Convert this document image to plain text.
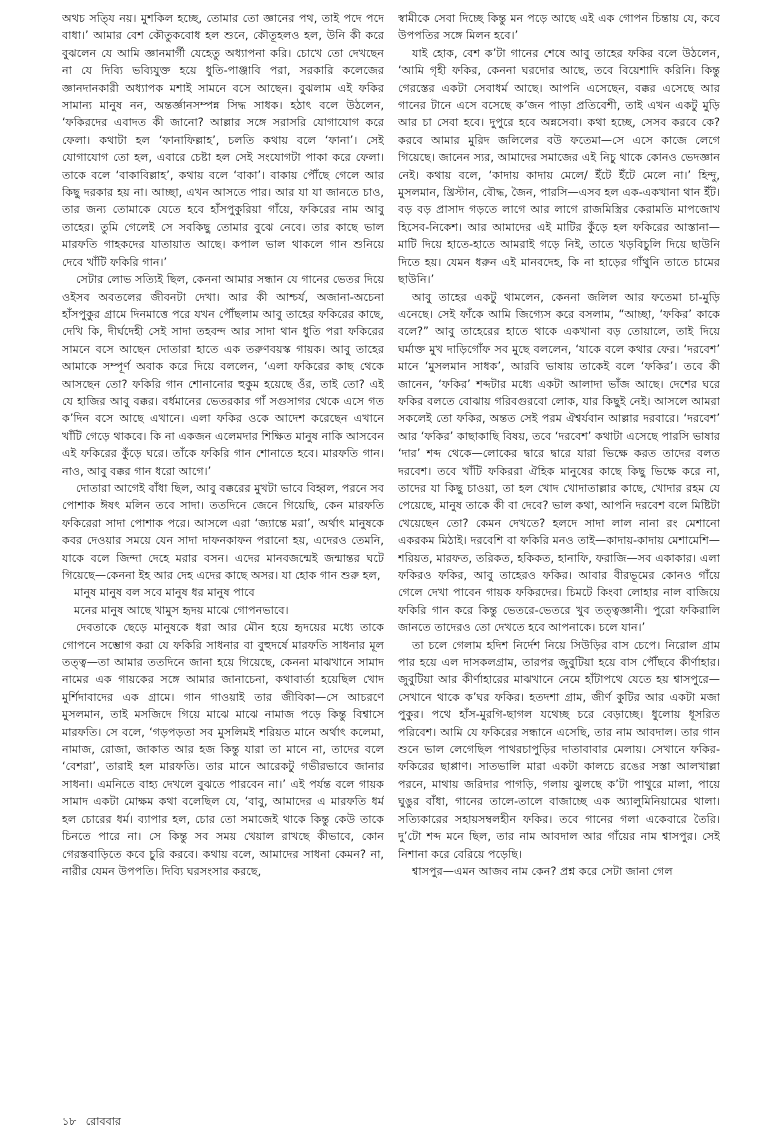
অথচ সতি্য নয়। মুশকিল হচ্ছে, তোমার তো জ্ঞানের পথ, তাই পদে পদে বাধা।’ আমার বেশ কৌতুকবোধ হল শুনে, কৌতূহলও হল, উনি কী করে বুঝলেন যে আমি জ্ঞানমার্গী যেহেতু অধ্যাপনা করি। চোখে তো দেখছেন না যে দিব্যি ভব্যিযুক্ত হয়ে ধুতি-পাঞ্জাবি পরা, সরকারি কলেজের জ্ঞানদানকারী অধ্যাপক মশাই সামনে বসে আছেন। বুঝলাম এই ফকির সামান্য মানুষ নন, অন্তর্জ্ঞানসম্পন্ন সিদ্ধ সাধক। হঠাৎ বলে উঠলেন, ‘ফকিরদের এবাদত কী জানো? আল্লার সঙ্গে সরাসরি যোগাযোগ করে ফেলা। কথাটা হল ‘ফানাফিল্লাহ’, চলতি কথায় বলে ‘ফানা’। সেই যোগাযোগ তো হল, এবারে চেষ্টা হল সেই সংযোগটা পাকা করে ফেলা। তাকে বলে ‘বাকাবিল্লাহ’, কথায় বলে ‘বাকা’। বাকায় পৌঁছে গেলে আর কিছু দরকার হয় না। আচ্ছা, এখন আসতে পার। আর যা যা জানতে চাও, তার জন্য তোমাকে যেতে হবে হাঁসপুকুরিয়া গাঁয়ে, ফকিরের নাম আবু তাহের। তুমি গেলেই সে সবকিছু তোমার বুঝে নেবে। তার কাছে ভাল মারফতি গাহকদের যাতায়াত আছে। কপাল ভাল থাকলে গান শুনিয়ে দেবে খাঁটি ফকিরি গান।’

সেটার লোভ সত্যিই ছিল, কেননা আমার সন্ধান যে গানের ভেতর দিয়ে ওইসব অবতলের জীবনটা দেখা। আর কী আশ্চর্য, অজানা-অচেনা হাঁসপুকুর গ্রামে দিনমাত্তে পরে যখন পৌঁছলাম আবু তাহের ফকিরের কাছে, দেখি কি, দীর্ঘদেহী সেই সাদা তহবন্দ আর সাদা থান ধুতি পরা ফকিরের সামনে বসে আছেন দোতারা হাতে এক তরুণবয়স্ক গায়ক। আবু তাহের আমাকে সম্পূর্ণ অবাক করে দিয়ে বললেন, ‘এলা ফকিরের কাছ থেকে আসছেন তো? ফকিরি গান শোনানোর হুকুম হয়েছে ওঁর, তাই তো? এই যে হাজির আবু বক্কর। বর্ধমানের ভেতরকার গাঁ সগুসাগর থেকে এসে গত ক’দিন বসে আছে এখানে। এলা ফকির ওকে আদেশ করেছেন এখানে খাঁটি গেড়ে থাকবে। কি না একজন এলেমদার শিক্ষিত মানুষ নাকি আসবেন এই ফকিরের কুঁড়ে ঘরে। তাঁকে ফকিরি গান শোনাতে হবে। মারফতি গান। নাও, আবু বক্কর গান ধরো আগে।’

দোতারা আগেই বাঁধা ছিল, আবু বক্করের মুখটা ভাবে বিহ্বল, পরনে সব পোশাক ঈষৎ মলিন তবে সাদা। ততদিনে জেনে গিয়েছি, কেন মারফতি ফকিরেরা সাদা পোশাক পরে। আসলে এরা ‘জ্যান্তে মরা’, অর্থাৎ মানুষকে কবর দেওয়ার সময়ে যেন সাদা দাফনকাফন পরানো হয়, এদেরও তেমনি, যাকে বলে জিন্দা দেহে মরার বসন। এদের মানবজন্মেই জন্মান্তর ঘটে গিয়েছে—কেননা ইহ আর দেহ এদের কাছে অসর। যা হোক গান শুরু হল,

মানুষ মানুষ বল সবে মানুষ ধর মানুষ পাবে

মনের মানুষ আছে খামুস হৃদয় মাঝে গোপনভাবে।

দেবতাকে ছেড়ে মানুষকে ধরা আর মৌন হয়ে হৃদয়ের মধ্যে তাকে গোপনে সম্ভোগ করা যে ফকিরি সাধনার বা বুহুদর্ষে মারফতি সাধনার মূল তত্ত্ব—তা আমার ততদিনে জানা হয়ে গিয়েছে, কেননা মাঝখানে সামাদ নামের এক গায়কের সঙ্গে আমার জানাচেনা, কথাবার্তা হয়েছিল খোদ মুর্শিদাবাদের এক গ্রামে। গান গাওয়াই তার জীবিকা—সে আচরণে মুসলমান, তাই মসজিদে গিয়ে মাঝে মাঝে নামাজ পড়ে কিন্তু বিশ্বাসে মারফতি। সে বলে, ‘গড়পড়তা সব মুসলিমই শরিয়ত মানে অর্থাৎ কলেমা, নামাজ, রোজা, জাকাত আর হজ কিন্তু যারা তা মানে না, তাদের বলে ‘বেশরা’, তারাই হল মারফতি। তার মানে আরেকটু গভীরভাবে জানার সাধনা। এমনিতে বাহ্য দেখলে বুঝতে পারবেন না।’ এই পর্যন্ত বলে গায়ক সামাদ একটা মোক্ষম কথা বলেছিল যে, ‘বাবু, আমাদের এ মারফতি ধর্ম হল চোরের ধর্ম। ব্যাপার হল, চোর তো সমাজেই থাকে কিন্তু কেউ তাকে চিনতে পারে না। সে কিন্তু সব সময় খেয়াল রাখছে কীভাবে, কোন গেরস্তবাড়িতে কবে চুরি করবে। কথায় বলে, আমাদের সাধনা কেমন? না, নারীর যেমন উপপতি। দিব্যি ঘরসংসার করছে,

স্বামীকে সেবা দিচ্ছে কিন্তু মন পড়ে আছে এই এক গোপন চিন্তায় যে, কবে উপপতির সঙ্গে মিলন হবে।’

যাই হোক, বেশ ক’টা গানের শেষে আবু তাহের ফকির বলে উঠলেন, ‘আমি গৃহী ফকির, কেননা ঘরদোর আছে, তবে বিয়েশাদি করিনি। কিন্তু গেরস্তের একটা সেবাধর্ম আছে। আপনি এসেছেন, বক্কর এসেছে আর গানের টানে এসে বসেছে ক’জন পাড়া প্রতিবেশী, তাই এখন একটু মুড়ি আর চা সেবা হবে। দুপুরে হবে অন্নসেবা। কথা হচ্ছে, সেসব করবে কে? করবে আমার মুরিদ জলিলের বউ ফতেমা—সে এসে কাজে লেগে গিয়েছে। জানেন স্যর, আমাদের সমাজের এই নিচু থাকে কোনও ভেদজ্ঞান নেই। কথায় বলে, ‘কাদায় কাদায় মেলে/ ইঁটে ইঁটে মেলে না।’ হিন্দু, মুসলমান, খ্রিস্টান, বৌদ্ধ, জৈন, পারসি—এসব হল এক-একখানা থান ইঁট। বড় বড় প্রাসাদ গড়তে লাগে আর লাগে রাজমিস্ত্রির কেরামতি মাপজোখ হিসেব-নিকেশ। আর আমাদের এই মাটির কুঁড়ে হল ফকিরের আস্তানা—মাটি দিয়ে হাতে-হাতে আমরাই গড়ে নিই, তাতে খড়বিচুলি দিয়ে ছাউনি দিতে হয়। যেমন ধরুন এই মানবদেহ, কি না হাড়ের গাঁথুনি তাতে চামের ছাউনি।’

আবু তাহের একটু থামলেন, কেননা জলিল আর ফতেমা চা-মুড়ি এনেছে। সেই ফাঁকে আমি জিগ্যেস করে বসলাম, “আচ্ছা, ‘ফকির’ কাকে বলে?” আবু তাহেরের হাতে থাকে একখানা বড় তোয়ালে, তাই দিয়ে ঘর্মাক্ত মুখ দাড়িগোঁফ সব মুছে বললেন, ‘যাকে বলে কথার ফের। ‘দরবেশ’ মানে ‘মুসলমান সাধক’, আরবি ভাষায় তাকেই বলে ‘ফকির’। তবে কী জানেন, ‘ফকির’ শব্দটার মধ্যে একটা আলাদা ভাঁজ আছে। দেশের ঘরে ফকির বলতে বোঝায় গরিবগুরবো লোক, যার কিছুই নেই। আসলে আমরা সকলেই তো ফকির, অন্তত সেই পরম ঐশ্বর্যবান আল্লার দরবারে। ‘দরবেশ’ আর ‘ফকির’ কাছাকাছি বিষয়, তবে ‘দরবেশ’ কথাটা এসেছে পারসি ভাষার ‘দার’ শব্দ থেকে—লোকের দ্বারে দ্বারে যারা ভিক্ষে করত তাদের বলত দরবেশ। তবে খাঁটি ফকিররা ঐহিক মানুষের কাছে কিছু ভিক্ষে করে না, তাদের যা কিছু চাওয়া, তা হল খোদ খোদাতাল্লার কাছে, খোদার রহম যে পেয়েছে, মানুষ তাকে কী বা দেবে? ভাল কথা, আপনি দরবেশ বলে মিষ্টিটা খেয়েছেন তো? কেমন দেখতে? হলদে সাদা লাল নানা রং মেশানো একরকম মিঠাই। দরবেশি বা ফকিরি মনও তাই—কাদায়-কাদায় মেশামেশি—শরিয়ত, মারফত, তরিকত, হকিকত, হানাফি, ফরাজি—সব একাকার। এলা ফকিরও ফকির, আবু তাহেরও ফকির। আবার বীরভূমের কোনও গাঁয়ে গেলে দেখা পাবেন গায়ক ফকিরদের। চিমটে কিংবা লোহার নাল বাজিয়ে ফকিরি গান করে কিন্তু ভেতরে-ভেতরে খুব তত্ত্বজ্ঞানী। পুরো ফকিরালি জানতে তাদেরও তো দেখতে হবে আপনাকে। চলে যান।’

তা চলে গেলাম হদিশ নির্দেশ নিয়ে সিউড়ির বাস চেপে। নিরোল গ্রাম পার হয়ে এল দাসকলগ্রাম, তারপর জুবুটিয়া হয়ে বাস পৌঁছবে কীর্ণাহার। জুবুটিয়া আর কীর্ণাহারের মাঝখানে নেমে হাঁটাপথে যেতে হয় শ্বাসপুরে—সেখানে থাকে ক’ঘর ফকির। হতদশা গ্রাম, জীর্ণ কুটির আর একটা মজা পুকুর। পথে হাঁস-মুরগি-ছাগল যথেচ্ছ চরে বেড়াচ্ছে। ধুলোয় ধূসরিত পরিবেশ। আমি যে ফকিরের সন্ধানে এসেছি, তার নাম আবদাল। তার গান শুনে ভাল লেগেছিল পাথরচাপুড়ির দাতাবাবার মেলায়। সেখানে ফকির-ফকিরের ছাপ্পাণ। সাতভালি মারা একটা কালচে রঙের সস্তা আলখাল্লা পরনে, মাথায় জরিদার পাগড়ি, গলায় ঝুলছে ক’টা পাথুরে মালা, পায়ে ঘুঙুর বাঁধা, গানের তালে-তালে বাজাচ্ছে এক অ্যালুমিনিয়ামের থালা। সত্যিকারের সহায়সম্বলহীন ফকির। তবে গানের গলা একেবারে তৈরি। দু’টো শব্দ মনে ছিল, তার নাম আবদাল আর গাঁয়ের নাম শ্বাসপুর। সেই নিশানা করে বেরিয়ে পড়েছি।

শ্বাসপুর—এমন আজব নাম কেন? প্রশ্ন করে সেটা জানা গেল

১৮ রোববার
